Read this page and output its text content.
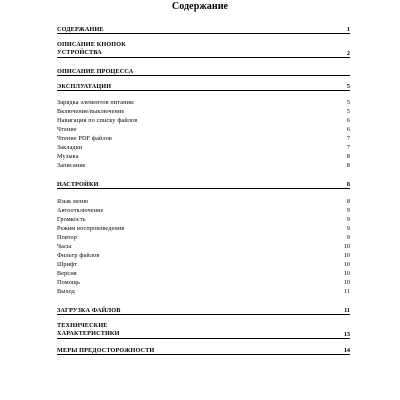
Содержание
СОДЕРЖАНИЕ	1
ОПИСАНИЕ КНОПОК
УСТРОЙСТВА	2
ОПИСАНИЕ ПРОЦЕССА
ЭКСПЛУАТАЦИИ	5
Зарядка элементов питания:	5
Включение/выключение	5
Навигация по списку файлов	6
Чтение	6
Чтение PDF файлов	7
Закладки	7
Музыка	8
Записание	8
НАСТРОЙКИ	8
Язык меню	8
Автоотключение	9
Громкость	9
Режим воспроизведения	9
Повтор	9
Часы	10
Фильтр файлов	10
Шрифт	10
Версия	10
Помощь	10
Выход	11
ЗАГРУЗКА ФАЙЛОВ	11
ТЕХНИЧЕСКИЕ
ХАРАКТЕРИСТИКИ	13
МЕРЫ ПРЕДОСТОРОЖНОСТИ	14
